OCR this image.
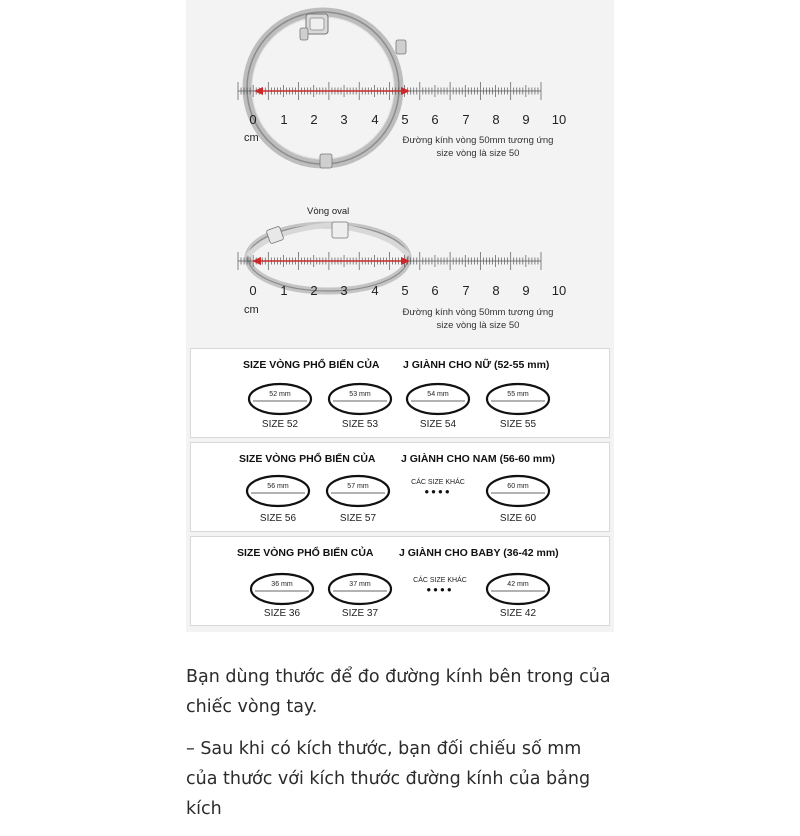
0	1	2	3	4	5	6	7	8	9	10
cm	Đường kính vòng 50mm tương ứng
size vòng là size 50
Vòng oval
0	1	2	3	4	5	6	7	8	9	10
cm	Đường kính vòng 50mm tương ứng
size vòng là size 50
SIZE VÒNG PHỔ BIẾN CỦA J GIÀNH CHO NỮ (52-55 mm)
52 mm
SIZE 52
53 mm
SIZE 53
54 mm
SIZE 54
55 mm
SIZE 55
SIZE VÒNG PHỔ BIẾN CỦA J GIÀNH CHO NAM (56-60 mm)
56 mm
SIZE 56
57 mm
SIZE 57
CÁC SIZE KHÁC
●●●●
60 mm
SIZE 60
SIZE VÒNG PHỔ BIẾN CỦA J GIÀNH CHO BABY (36-42 mm)
36 mm
SIZE 36
37 mm
SIZE 37
CÁC SIZE KHÁC
●●●●
42 mm
SIZE 42

Bạn dùng thước để đo đường kính bên trong của chiếc vòng tay.

– Sau khi có kích thước, bạn đối chiếu số mm của thước với kích thước đường kính của bảng kích
